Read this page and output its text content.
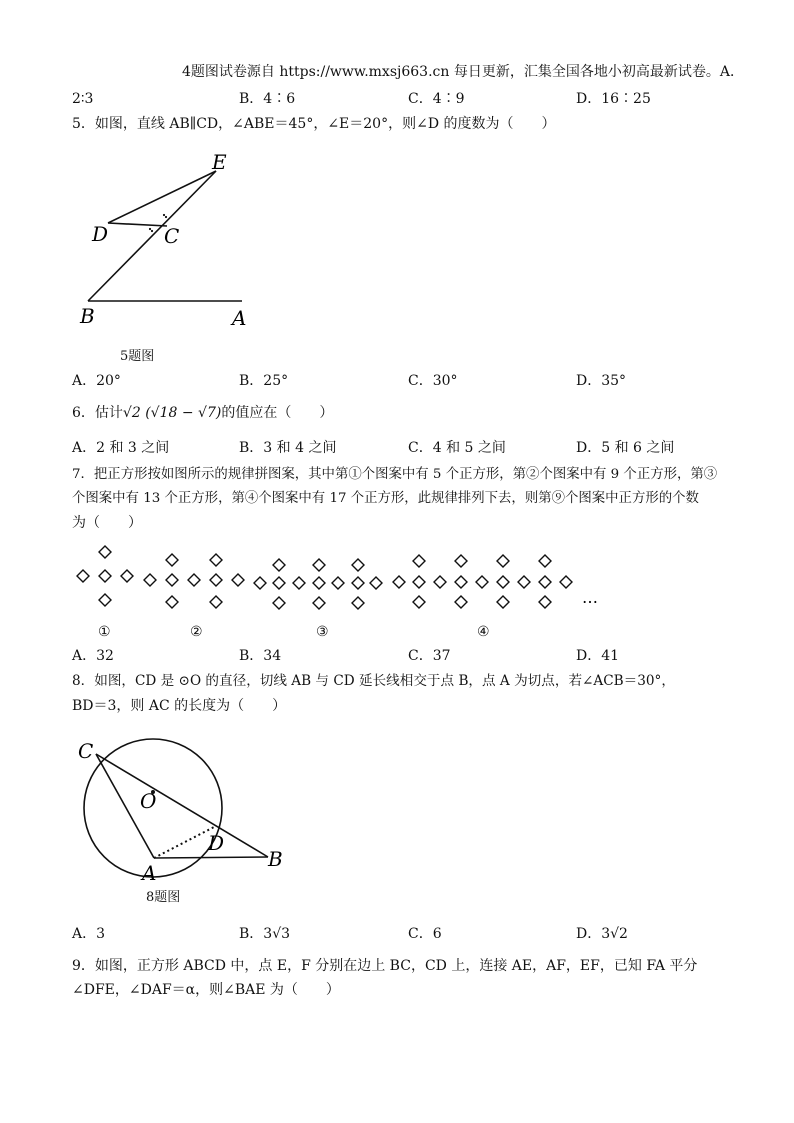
4题图试卷源自 https://www.mxsj663.cn 每日更新，汇集全国各地小初高最新试卷。A．
2∶3	B．4∶6	C．4∶9	D．16∶25
5．如图，直线 AB∥CD，∠ABE＝45°，∠E＝20°，则∠D 的度数为（　　）
E
D	C
B	A
5题图
A．20°	B．25°	C．30°	D．35°
6．估计√2 (√18 − √7)的值应在（　　）
A．2 和 3 之间	B．3 和 4 之间	C．4 和 5 之间	D．5 和 6 之间
7．把正方形按如图所示的规律拼图案，其中第①个图案中有 5 个正方形，第②个图案中有 9 个正方形，第③
个图案中有 13 个正方形，第④个图案中有 17 个正方形，此规律排列下去，则第⑨个图案中正方形的个数
为（　　）
…
①	②	③	④
A．32	B．34	C．37	D．41
8．如图，CD 是 ⊙O 的直径，切线 AB 与 CD 延长线相交于点 B，点 A 为切点，若∠ACB＝30°，
BD＝3，则 AC 的长度为（　　）
C
O
D
A
B
8题图
A．3	B．3√3	C．6	D．3√2
9．如图，正方形 ABCD 中，点 E，F 分别在边上 BC，CD 上，连接 AE，AF，EF，已知 FA 平分
∠DFE，∠DAF＝α，则∠BAE 为（　　）
